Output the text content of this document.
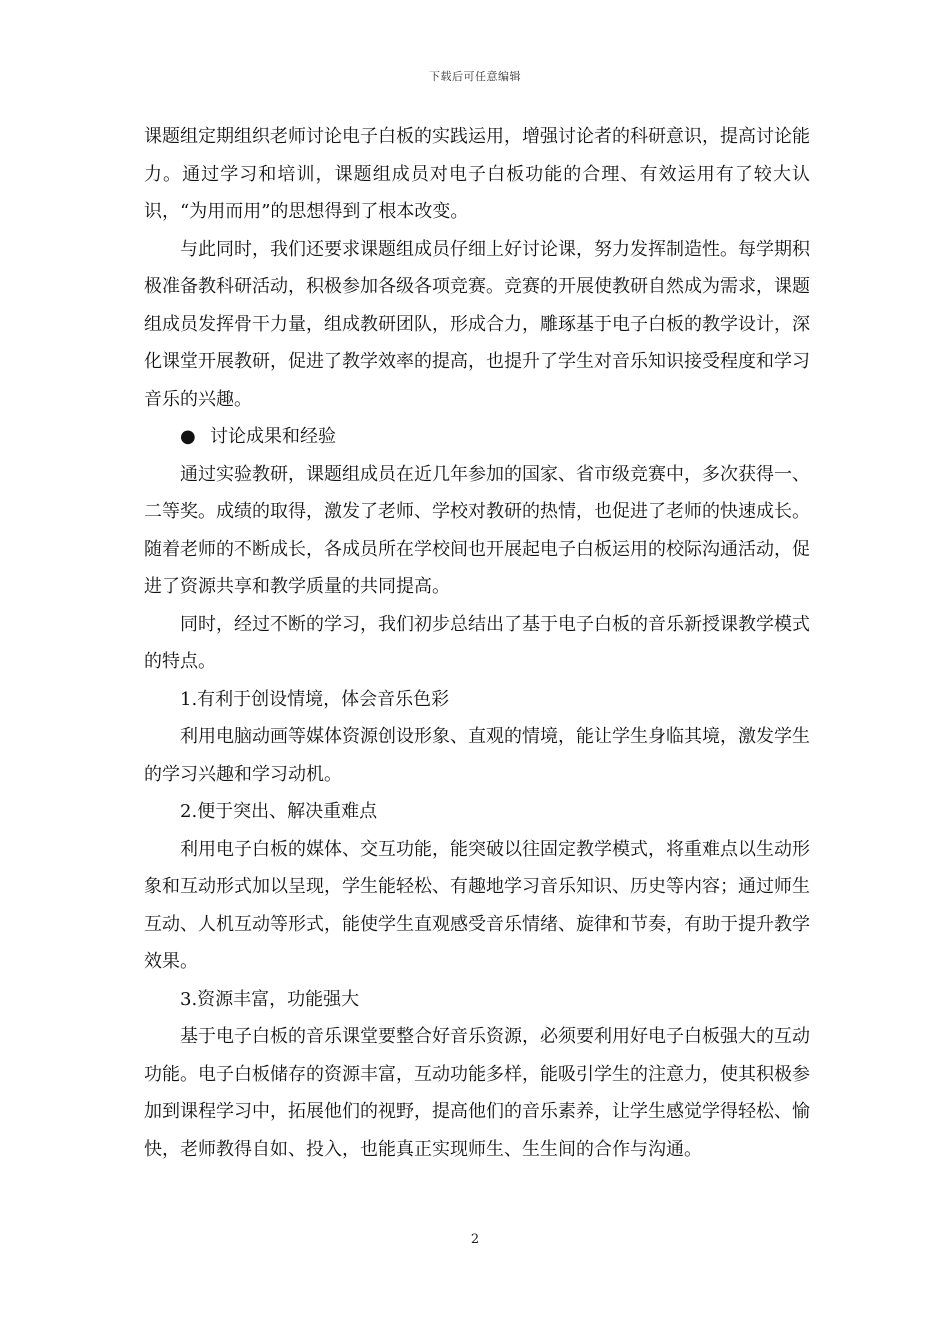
下载后可任意编辑

课题组定期组织老师讨论电子白板的实践运用，增强讨论者的科研意识，提高讨论能力。通过学习和培训，课题组成员对电子白板功能的合理、有效运用有了较大认识，“为用而用”的思想得到了根本改变。

与此同时，我们还要求课题组成员仔细上好讨论课，努力发挥制造性。每学期积极准备教科研活动，积极参加各级各项竞赛。竞赛的开展使教研自然成为需求，课题组成员发挥骨干力量，组成教研团队，形成合力，雕琢基于电子白板的教学设计，深化课堂开展教研，促进了教学效率的提高，也提升了学生对音乐知识接受程度和学习音乐的兴趣。

● 讨论成果和经验

通过实验教研，课题组成员在近几年参加的国家、省市级竞赛中，多次获得一、二等奖。成绩的取得，激发了老师、学校对教研的热情，也促进了老师的快速成长。随着老师的不断成长，各成员所在学校间也开展起电子白板运用的校际沟通活动，促进了资源共享和教学质量的共同提高。

同时，经过不断的学习，我们初步总结出了基于电子白板的音乐新授课教学模式的特点。

1.有利于创设情境，体会音乐色彩

利用电脑动画等媒体资源创设形象、直观的情境，能让学生身临其境，激发学生的学习兴趣和学习动机。

2.便于突出、解决重难点

利用电子白板的媒体、交互功能，能突破以往固定教学模式，将重难点以生动形象和互动形式加以呈现，学生能轻松、有趣地学习音乐知识、历史等内容；通过师生互动、人机互动等形式，能使学生直观感受音乐情绪、旋律和节奏，有助于提升教学效果。

3.资源丰富，功能强大

基于电子白板的音乐课堂要整合好音乐资源，必须要利用好电子白板强大的互动功能。电子白板储存的资源丰富，互动功能多样，能吸引学生的注意力，使其积极参加到课程学习中，拓展他们的视野，提高他们的音乐素养，让学生感觉学得轻松、愉快，老师教得自如、投入，也能真正实现师生、生生间的合作与沟通。

2
